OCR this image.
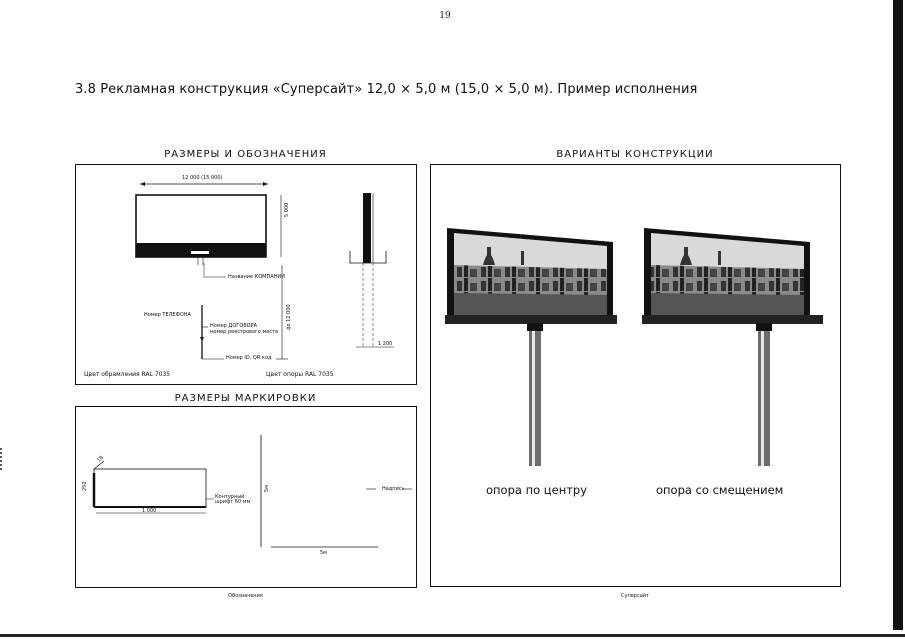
19
3.8 Рекламная конструкция «Суперсайт» 12,0 × 5,0 м (15,0 × 5,0 м). Пример исполнения
РАЗМЕРЫ И ОБОЗНАЧЕНИЯ
12 000 (15 000)
5 000
до 12 000
1 200
Название КОМПАНИИ
Номер ТЕЛЕФОНА
Номер ДОГОВОРА
номер реестрового места
Номер ID, QR код
Цвет обрамления RAL 7035	Цвет опоры RAL 7035
РАЗМЕРЫ МАРКИРОВКИ
18
250
1 000
Контурный шрифт 60 мм
5м
5м
Надпись
Обозначения
ВАРИАНТЫ КОНСТРУКЦИИ
опора по центру	опора со смещением
Суперсайт
